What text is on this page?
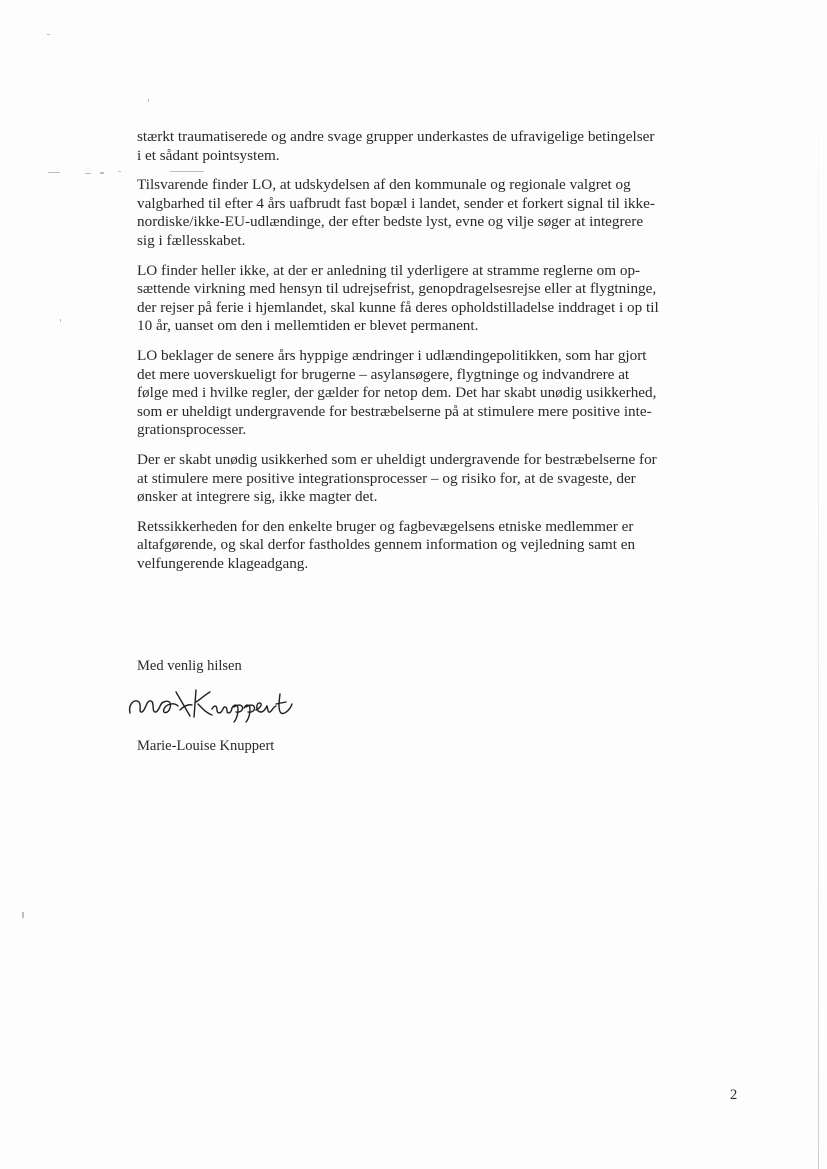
stærkt traumatiserede og andre svage grupper underkastes de ufravigelige betingelser
i et sådant pointsystem.

Tilsvarende finder LO, at udskydelsen af den kommunale og regionale valgret og
valgbarhed til efter 4 års uafbrudt fast bopæl i landet, sender et forkert signal til ikke-
nordiske/ikke-EU-udlændinge, der efter bedste lyst, evne og vilje søger at integrere
sig i fællesskabet.

LO finder heller ikke, at der er anledning til yderligere at stramme reglerne om op-
sættende virkning med hensyn til udrejsefrist, genopdragelsesrejse eller at flygtninge,
der rejser på ferie i hjemlandet, skal kunne få deres opholdstilladelse inddraget i op til
10 år, uanset om den i mellemtiden er blevet permanent.

LO beklager de senere års hyppige ændringer i udlændingepolitikken, som har gjort
det mere uoverskueligt for brugerne – asylansøgere, flygtninge og indvandrere at
følge med i hvilke regler, der gælder for netop dem. Det har skabt unødig usikkerhed,
som er uheldigt undergravende for bestræbelserne på at stimulere mere positive inte-
grationsprocesser.

Der er skabt unødig usikkerhed som er uheldigt undergravende for bestræbelserne for
at stimulere mere positive integrationsprocesser – og risiko for, at de svageste, der
ønsker at integrere sig, ikke magter det.

Retssikkerheden for den enkelte bruger og fagbevægelsens etniske medlemmer er
altafgørende, og skal derfor fastholdes gennem information og vejledning samt en
velfungerende klageadgang.

Med venlig hilsen
Marie-Louise Knuppert
2
